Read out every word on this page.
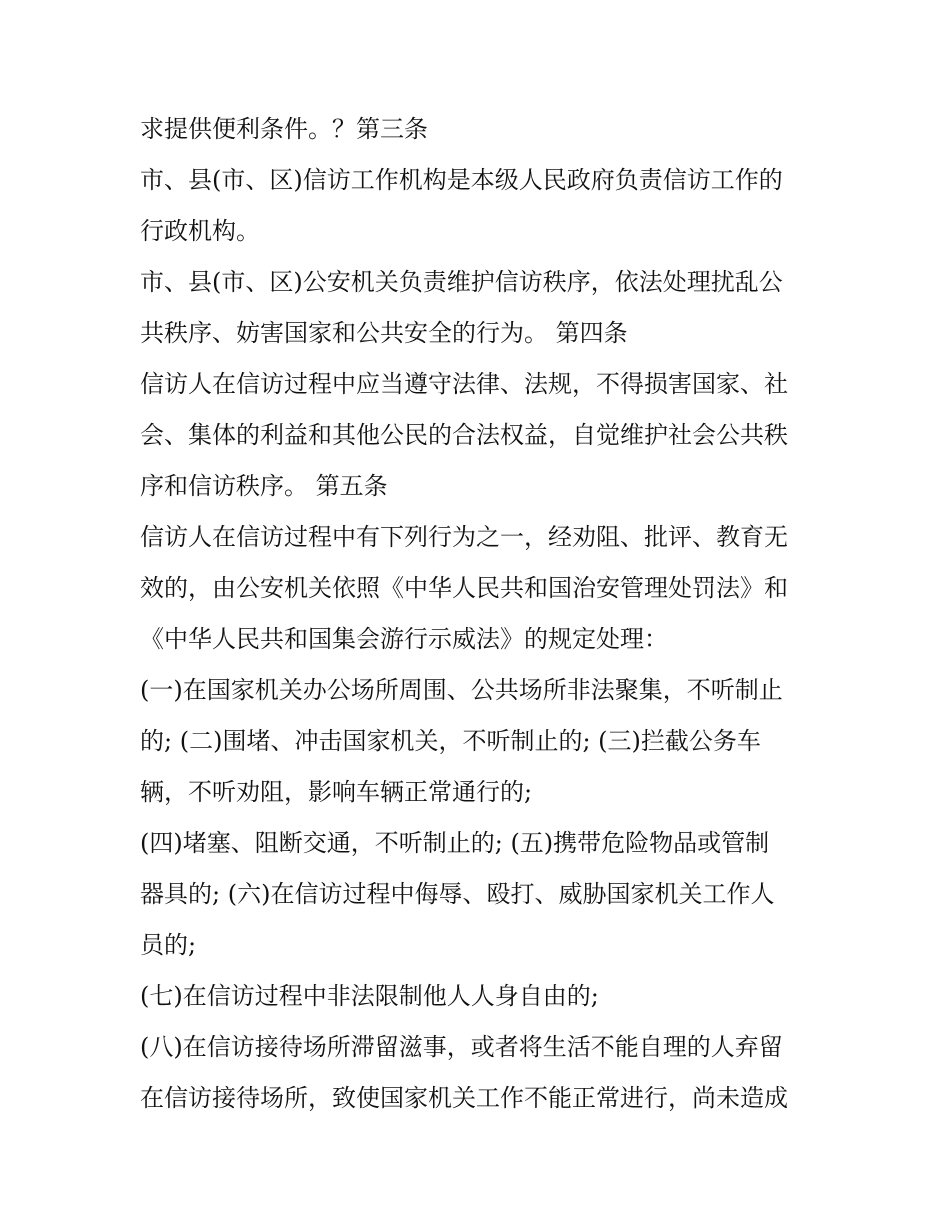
求提供便利条件。？第三条

市、县(市、区)信访工作机构是本级人民政府负责信访工作的

行政机构。

市、县(市、区)公安机关负责维护信访秩序，依法处理扰乱公

共秩序、妨害国家和公共安全的行为。 第四条

信访人在信访过程中应当遵守法律、法规，不得损害国家、社

会、集体的利益和其他公民的合法权益，自觉维护社会公共秩

序和信访秩序。 第五条

信访人在信访过程中有下列行为之一，经劝阻、批评、教育无

效的，由公安机关依照《中华人民共和国治安管理处罚法》和

《中华人民共和国集会游行示威法》的规定处理：

(一)在国家机关办公场所周围、公共场所非法聚集，不听制止

的; (二)围堵、冲击国家机关，不听制止的; (三)拦截公务车

辆，不听劝阻，影响车辆正常通行的;

(四)堵塞、阻断交通，不听制止的; (五)携带危险物品或管制

器具的; (六)在信访过程中侮辱、殴打、威胁国家机关工作人

员的;

(七)在信访过程中非法限制他人人身自由的;

(八)在信访接待场所滞留滋事，或者将生活不能自理的人弃留

在信访接待场所，致使国家机关工作不能正常进行，尚未造成
